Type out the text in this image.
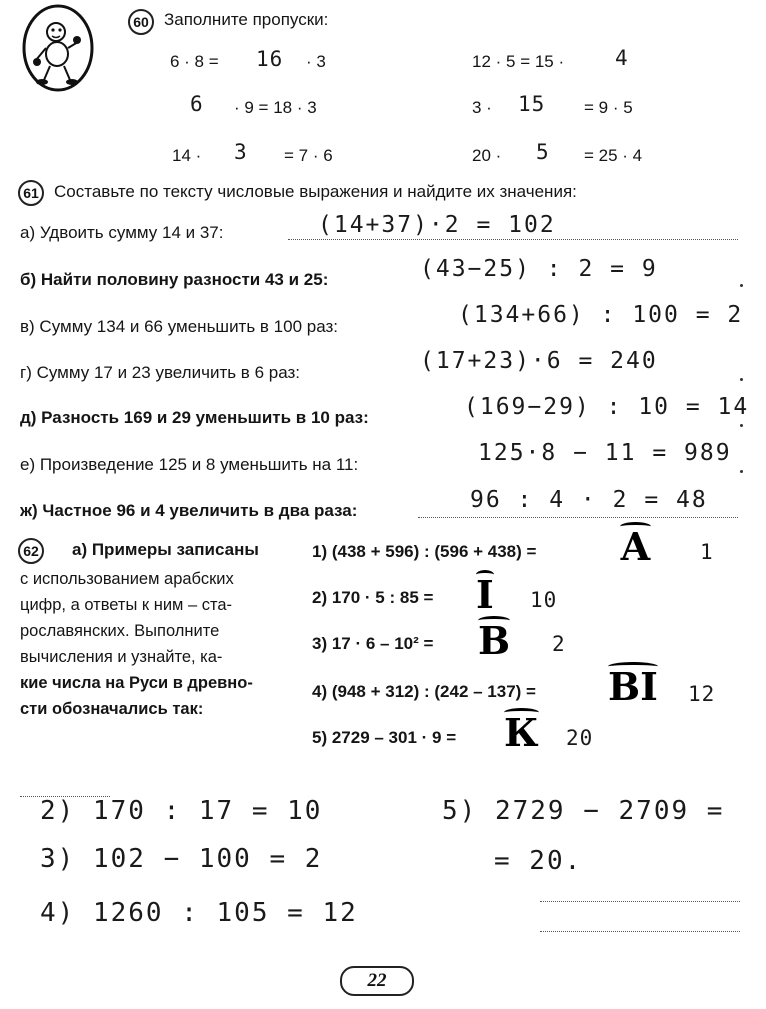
60 Заполните пропуски:
6 · 8 = 16 · 3	12 · 5 = 15 · 4
6 · 9 = 18 · 3	3 · 15 = 9 · 5
14 · 3 = 7 · 6	20 · 5 = 25 · 4
61 Составьте по тексту числовые выражения и найдите их значения:
а) Удвоить сумму 14 и 37:	(14+37)·2 = 102
б) Найти половину разности 43 и 25:	(43−25) : 2 = 9
в) Сумму 134 и 66 уменьшить в 100 раз:	(134+66) : 100 = 2
г) Сумму 17 и 23 увеличить в 6 раз:	(17+23)·6 = 240
д) Разность 169 и 29 уменьшить в 10 раз:	(169−29) : 10 = 14
е) Произведение 125 и 8 уменьшить на 11:	125·8 − 11 = 989
ж) Частное 96 и 4 увеличить в два раза:	96 : 4 · 2 = 48
62	а) Примеры записаны
с использованием арабских
цифр, а ответы к ним – ста-
рославянских. Выполните
вычисления и узнайте, ка-
кие числа на Руси в древно-
сти обозначались так:
1) (438 + 596) : (596 + 438) = А 1
2) 170 · 5 : 85 = I 10
3) 17 · 6 – 10² = В 2
4) (948 + 312) : (242 – 137) = ВI 12
5) 2729 – 301 · 9 = К 20
2) 170 : 17 = 10
3) 102 − 100 = 2
4) 1260 : 105 = 12
5) 2729 − 2709 =
= 20.
22
